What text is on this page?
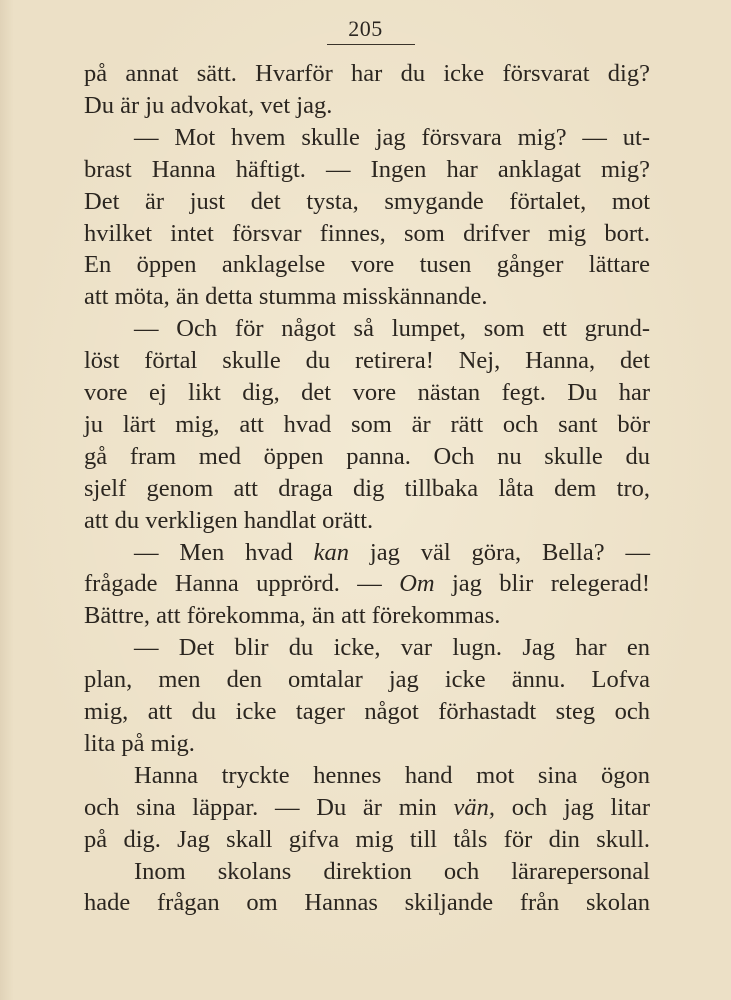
205
på annat sätt. Hvarför har du icke försvarat dig?
Du är ju advokat, vet jag.
— Mot hvem skulle jag försvara mig? — ut-
brast Hanna häftigt. — Ingen har anklagat mig?
Det är just det tysta, smygande förtalet, mot
hvilket intet försvar finnes, som drifver mig bort.
En öppen anklagelse vore tusen gånger lättare
att möta, än detta stumma misskännande.
— Och för något så lumpet, som ett grund-
löst förtal skulle du retirera! Nej, Hanna, det
vore ej likt dig, det vore nästan fegt. Du har
ju lärt mig, att hvad som är rätt och sant bör
gå fram med öppen panna. Och nu skulle du
sjelf genom att draga dig tillbaka låta dem tro,
att du verkligen handlat orätt.
— Men hvad kan jag väl göra, Bella? —
frågade Hanna upprörd. — Om jag blir relegerad!
Bättre, att förekomma, än att förekommas.
— Det blir du icke, var lugn. Jag har en
plan, men den omtalar jag icke ännu. Lofva
mig, att du icke tager något förhastadt steg och
lita på mig.
Hanna tryckte hennes hand mot sina ögon
och sina läppar. — Du är min vän, och jag litar
på dig. Jag skall gifva mig till tåls för din skull.
Inom skolans direktion och lärarepersonal
hade frågan om Hannas skiljande från skolan
